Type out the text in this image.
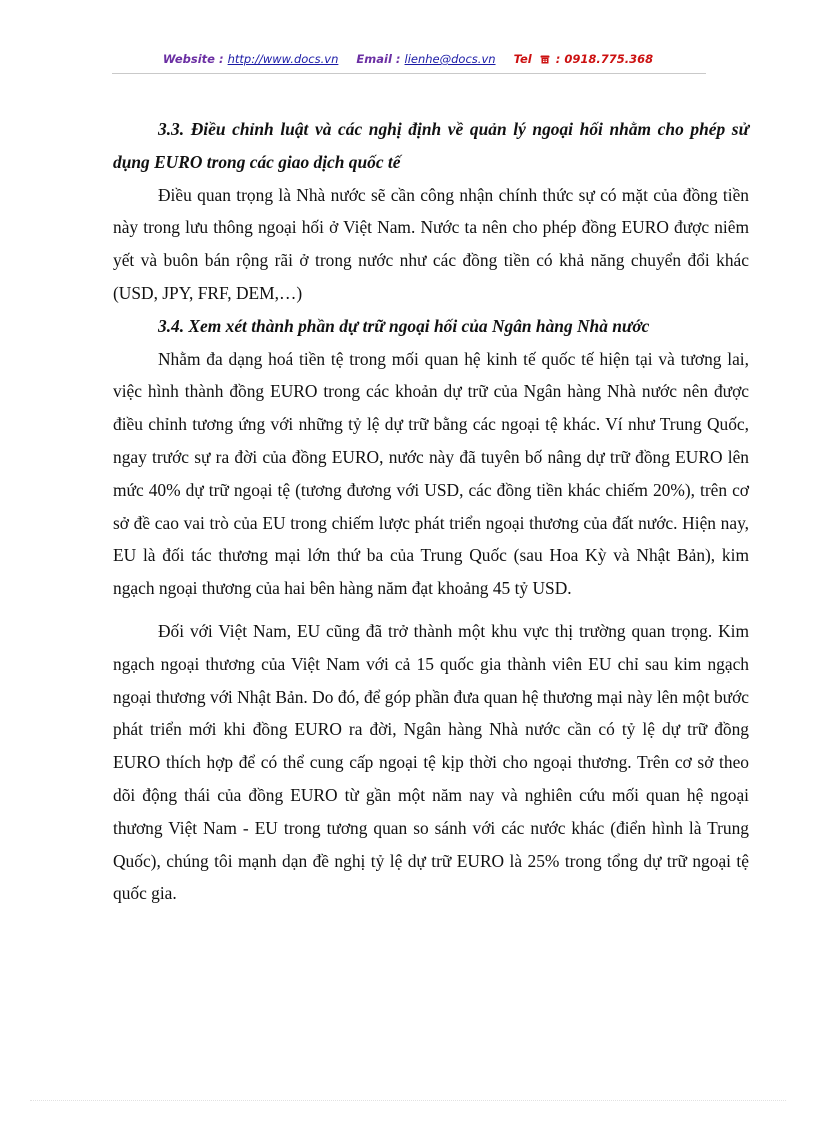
Website : http://www.docs.vn Email : lienhe@docs.vn Tel : 0918.775.368

3.3. Điều chỉnh luật và các nghị định về quản lý ngoại hối nhằm cho phép sử dụng EURO trong các giao dịch quốc tế

Điều quan trọng là Nhà nước sẽ cần công nhận chính thức sự có mặt của đồng tiền này trong lưu thông ngoại hối ở Việt Nam. Nước ta nên cho phép đồng EURO được niêm yết và buôn bán rộng rãi ở trong nước như các đồng tiền có khả năng chuyển đổi khác (USD, JPY, FRF, DEM,…)

3.4. Xem xét thành phần dự trữ ngoại hối của Ngân hàng Nhà nước

Nhằm đa dạng hoá tiền tệ trong mối quan hệ kinh tế quốc tế hiện tại và tương lai, việc hình thành đồng EURO trong các khoản dự trữ của Ngân hàng Nhà nước nên được điều chỉnh tương ứng với những tỷ lệ dự trữ bằng các ngoại tệ khác. Ví như Trung Quốc, ngay trước sự ra đời của đồng EURO, nước này đã tuyên bố nâng dự trữ đồng EURO lên mức 40% dự trữ ngoại tệ (tương đương với USD, các đồng tiền khác chiếm 20%), trên cơ sở đề cao vai trò của EU trong chiếm lược phát triển ngoại thương của đất nước. Hiện nay, EU là đối tác thương mại lớn thứ ba của Trung Quốc (sau Hoa Kỳ và Nhật Bản), kim ngạch ngoại thương của hai bên hàng năm đạt khoảng 45 tỷ USD.

Đối với Việt Nam, EU cũng đã trở thành một khu vực thị trường quan trọng. Kim ngạch ngoại thương của Việt Nam với cả 15 quốc gia thành viên EU chỉ sau kim ngạch ngoại thương với Nhật Bản. Do đó, để góp phần đưa quan hệ thương mại này lên một bước phát triển mới khi đồng EURO ra đời, Ngân hàng Nhà nước cần có tỷ lệ dự trữ đồng EURO thích hợp để có thể cung cấp ngoại tệ kịp thời cho ngoại thương. Trên cơ sở theo dõi động thái của đồng EURO từ gần một năm nay và nghiên cứu mối quan hệ ngoại thương Việt Nam - EU trong tương quan so sánh với các nước khác (điển hình là Trung Quốc), chúng tôi mạnh dạn đề nghị tỷ lệ dự trữ EURO là 25% trong tổng dự trữ ngoại tệ quốc gia.
